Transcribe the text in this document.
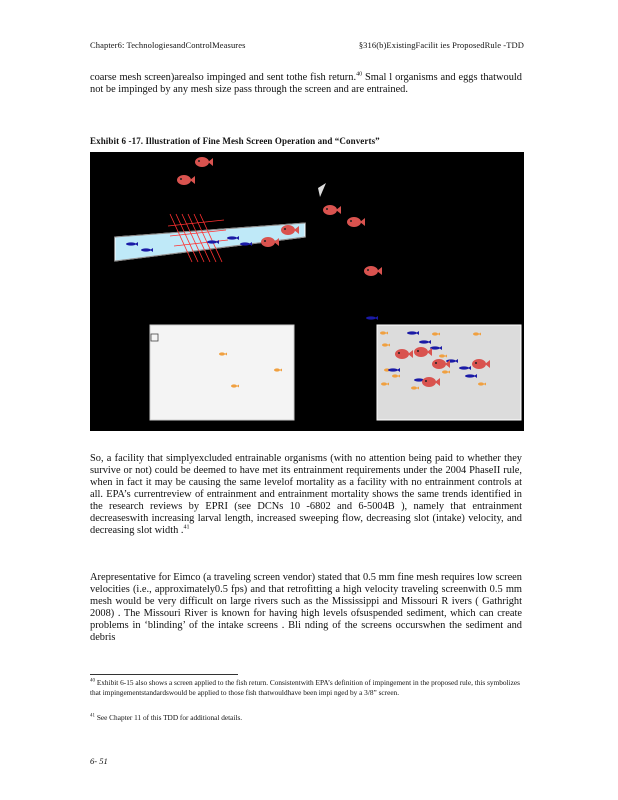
Chapter6: TechnologiesandControlMeasures	§316(b)ExistingFacilit ies ProposedRule -TDD
coarse mesh screen)arealso impinged and sent tothe fish return.$^{40}$ Smal l organisms and eggs thatwould not be impinged by any mesh size pass through the screen and are entrained.
Exhibit 6 -17. Illustration of Fine Mesh Screen Operation and “Converts”
So, a facility that simplyexcluded entrainable organisms (with no attention being paid to whether they survive or not) could be deemed to have met its entrainment requirements under the 2004 PhaseII rule, when in fact it may be causing the same levelof mortality as a facility with no entrainment controls at all. EPA’s currentreview of entrainment and entrainment mortality shows the same trends identified in the research reviews by EPRI (see DCNs 10 -6802 and 6-5004B ), namely that entrainment decreaseswith increasing larval length, increased sweeping flow, decreasing slot (intake) velocity, and decreasing slot width .$^{41}$
Arepresentative for Eimco (a traveling screen vendor) stated that 0.5 mm fine mesh requires low screen velocities (i.e., approximately0.5 fps) and that retrofitting a high velocity traveling screenwith 0.5 mm mesh would be very difficult on large rivers such as the Mississippi and Missouri R ivers ( Gathright 2008) . The Missouri River is known for having high levels ofsuspended sediment, which can create problems in ‘blinding’ of the intake screens . Bli nding of the screens occurswhen the sediment and debris
$^{40}$ Exhibit 6-15 also shows a screen applied to the fish return. Consistentwith EPA’s definition of impingement in the proposed rule, this symbolizes that impingementstandardswould be applied to those fish thatwouldhave been impi nged by a 3/8” screen.
$^{41}$ See Chapter 11 of this TDD for additional details.
6- 51
